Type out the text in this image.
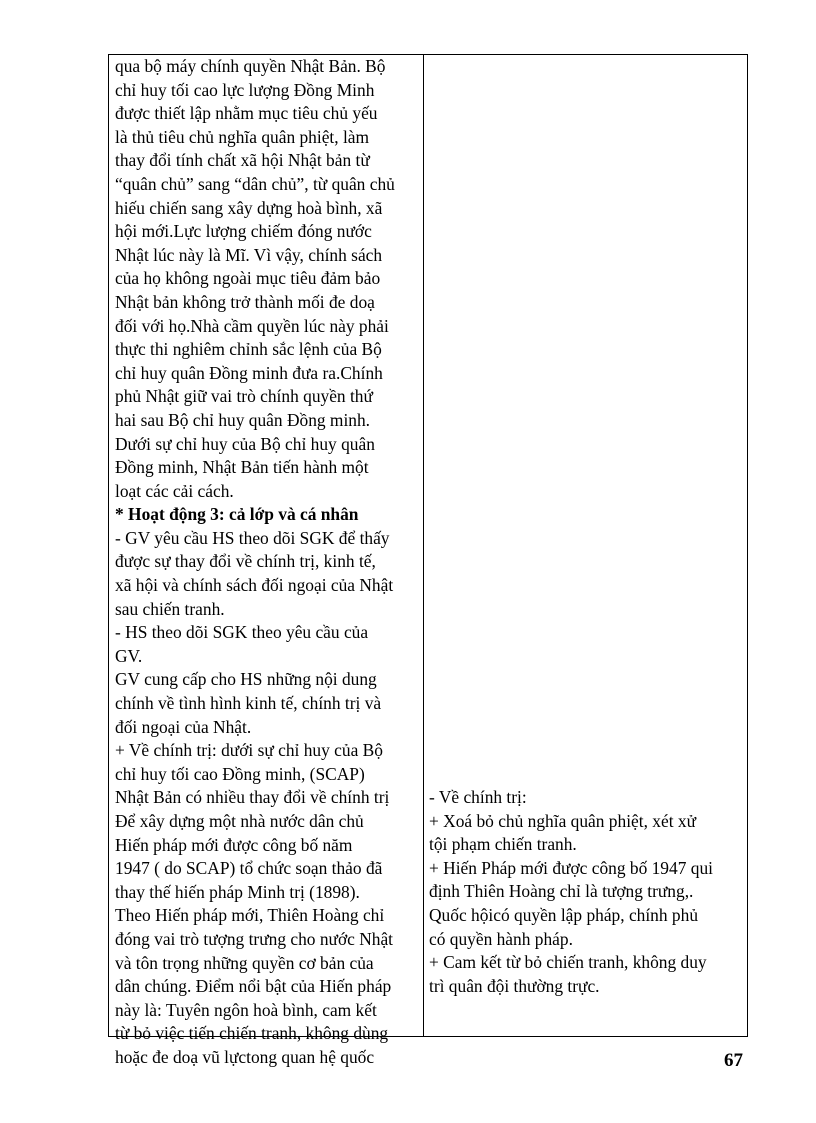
qua bộ máy chính quyền Nhật Bản. Bộ
chỉ huy tối cao lực lượng Đồng Minh
được thiết lập nhằm mục tiêu chủ yếu
là thủ tiêu chủ nghĩa quân phiệt, làm
thay đổi tính chất xã hội Nhật bản từ
“quân chủ” sang “dân chủ”, từ quân chủ
hiếu chiến sang xây dựng hoà bình, xã
hội mới.Lực lượng chiếm đóng nước
Nhật lúc này là Mĩ. Vì vậy, chính sách
của họ không ngoài mục tiêu đảm bảo
Nhật bản không trở thành mối đe doạ
đối với họ.Nhà cầm quyền lúc này phải
thực thi nghiêm chỉnh sắc lệnh của Bộ
chỉ huy quân Đồng minh đưa ra.Chính
phủ Nhật giữ vai trò chính quyền thứ
hai sau Bộ chỉ huy quân Đồng minh.
Dưới sự chỉ huy của Bộ chỉ huy quân
Đồng minh, Nhật Bản tiến hành một
loạt các cải cách.
* Hoạt động 3: cả lớp và cá nhân
- GV yêu cầu HS theo dõi SGK để thấy
được sự thay đổi về chính trị, kinh tế,
xã hội và chính sách đối ngoại của Nhật
sau chiến tranh.
- HS theo dõi SGK theo yêu cầu của
GV.
GV cung cấp cho HS những nội dung
chính về tình hình kinh tế, chính trị và
đối ngoại của Nhật.
+ Về chính trị: dưới sự chỉ huy của Bộ
chỉ huy tối cao Đồng minh, (SCAP)
Nhật Bản có nhiều thay đổi về chính trị
Để xây dựng một nhà nước dân chủ
Hiến pháp mới được công bố năm
1947 ( do SCAP) tổ chức soạn thảo đã
thay thế hiến pháp Minh trị (1898).
Theo Hiến pháp mới, Thiên Hoàng chỉ
đóng vai trò tượng trưng cho nước Nhật
và tôn trọng những quyền cơ bản của
dân chúng. Điểm nổi bật của Hiến pháp
này là: Tuyên ngôn hoà bình, cam kết
từ bỏ việc tiến chiến tranh, không dùng
hoặc đe doạ vũ lựctong quan hệ quốc
- Về chính trị:
+ Xoá bỏ chủ nghĩa quân phiệt, xét xử
tội phạm chiến tranh.
+ Hiến Pháp mới được công bố 1947 qui
định Thiên Hoàng chỉ là tượng trưng,.
Quốc hộicó quyền lập pháp, chính phủ
có quyền hành pháp.
+ Cam kết từ bỏ chiến tranh, không duy
trì quân đội thường trực.
67
